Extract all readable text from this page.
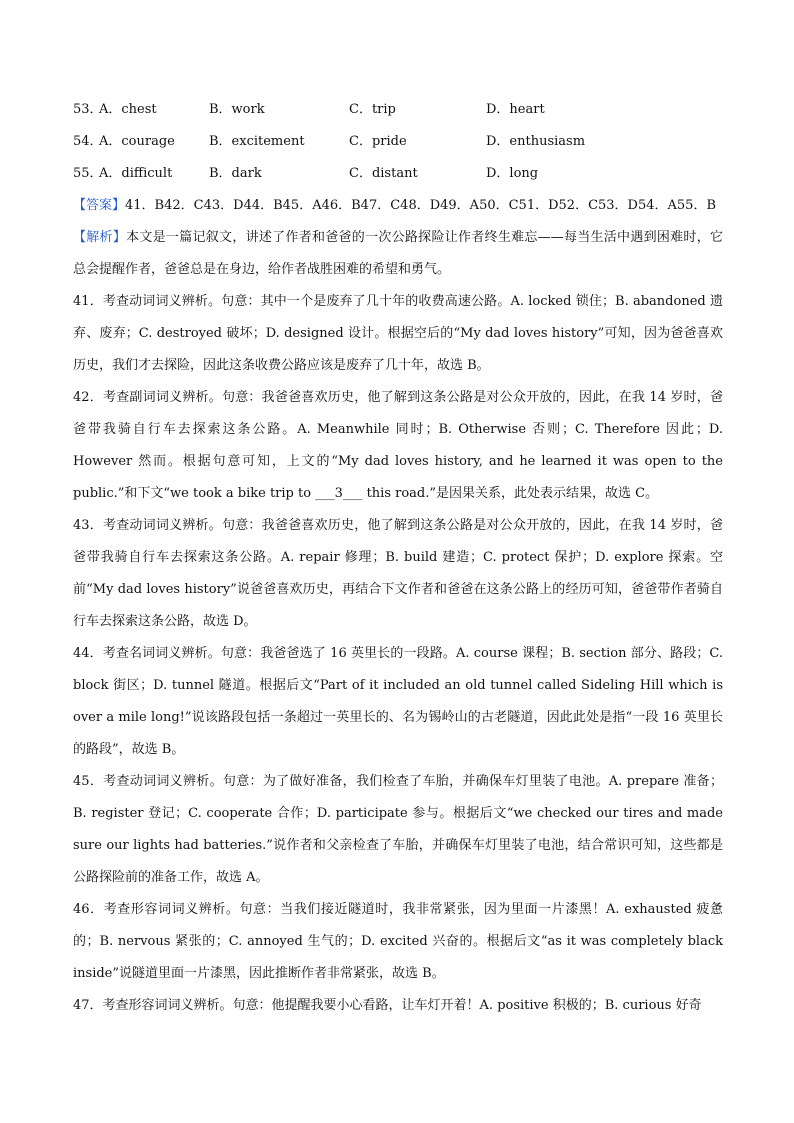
53．
A．chest	B．work	C．trip	D．heart
54．
A．courage	B．excitement	C．pride	D．enthusiasm
55．
A．difficult	B．dark	C．distant	D．long

【答案】41．B42．C43．D44．B45．A46．B47．C48．D49．A50．C51．D52．C53．D54．A55．B

【解析】本文是一篇记叙文，讲述了作者和爸爸的一次公路探险让作者终生难忘——每当生活中遇到困难时，它总会提醒作者，爸爸总是在身边，给作者战胜困难的希望和勇气。

41．考查动词词义辨析。句意：其中一个是废弃了几十年的收费高速公路。A. locked 锁住；B. abandoned 遗弃、废弃；C. destroyed 破坏；D. designed 设计。根据空后的“My dad loves history”可知，因为爸爸喜欢历史，我们才去探险，因此这条收费公路应该是废弃了几十年，故选 B。

42．考查副词词义辨析。句意：我爸爸喜欢历史，他了解到这条公路是对公众开放的，因此，在我 14 岁时，爸爸带我骑自行车去探索这条公路。A. Meanwhile 同时；B. Otherwise 否则；C. Therefore 因此；D. However 然而。根据句意可知，上文的“My dad loves history, and he learned it was open to the public.”和下文“we took a bike trip to ___3___ this road.”是因果关系，此处表示结果，故选 C。

43．考查动词词义辨析。句意：我爸爸喜欢历史，他了解到这条公路是对公众开放的，因此，在我 14 岁时，爸爸带我骑自行车去探索这条公路。A. repair 修理；B. build 建造；C. protect 保护；D. explore 探索。空前“My dad loves history”说爸爸喜欢历史，再结合下文作者和爸爸在这条公路上的经历可知，爸爸带作者骑自行车去探索这条公路，故选 D。

44．考查名词词义辨析。句意：我爸爸选了 16 英里长的一段路。A. course 课程；B. section 部分、路段；C. block 街区；D. tunnel 隧道。根据后文“Part of it included an old tunnel called Sideling Hill which is over a mile long!”说该路段包括一条超过一英里长的、名为锡岭山的古老隧道，因此此处是指“一段 16 英里长的路段”，故选 B。

45．考查动词词义辨析。句意：为了做好准备，我们检查了车胎，并确保车灯里装了电池。A. prepare 准备；B. register 登记；C. cooperate 合作；D. participate 参与。根据后文“we checked our tires and made sure our lights had batteries.”说作者和父亲检查了车胎，并确保车灯里装了电池，结合常识可知，这些都是公路探险前的准备工作，故选 A。

46．考查形容词词义辨析。句意：当我们接近隧道时，我非常紧张，因为里面一片漆黑！A. exhausted 疲惫的；B. nervous 紧张的；C. annoyed 生气的；D. excited 兴奋的。根据后文“as it was completely black inside”说隧道里面一片漆黑，因此推断作者非常紧张，故选 B。

47．考查形容词词义辨析。句意：他提醒我要小心看路，让车灯开着！A. positive 积极的；B. curious 好奇
